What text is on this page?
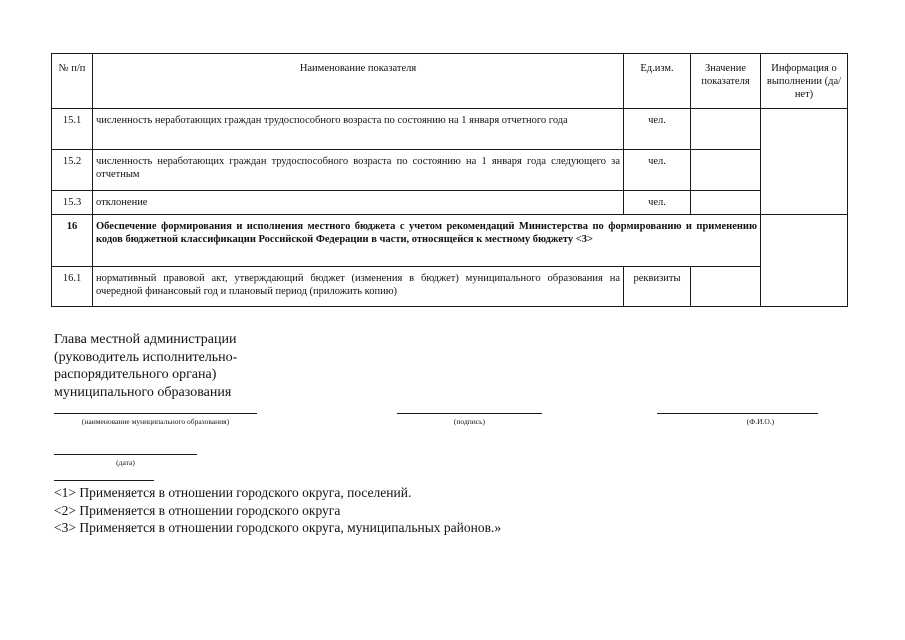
№ п/п	Наименование показателя	Ед.изм.	Значение показателя	Информация о выполнении (да/ нет)
15.1	численность неработающих граждан трудоспособного возраста по состоянию на 1 января отчетного года	чел.		
15.2	численность неработающих граждан трудоспособного возраста по состоянию на 1 января года следующего за отчетным	чел.		
15.3	отклонение	чел.		
16	Обеспечение формирования и исполнения местного бюджета с учетом рекомендаций Министерства по формированию и применению кодов бюджетной классификации Российской Федерации в части, относящейся к местному бюджету <3>			
16.1	нормативный правовой акт, утверждающий бюджет (изменения в бюджет) муниципального образования на очередной финансовый год и плановый период (приложить копию)	реквизиты		
Глава местной администрации
(руководитель исполнительно-
распорядительного органа)
муниципального образования
(наименование муниципального образования)	(подпись)	(Ф.И.О.)
(дата)
<1> Применяется в отношении городского округа, поселений.
<2> Применяется в отношении городского округа
<3> Применяется в отношении городского округа, муниципальных районов.»
